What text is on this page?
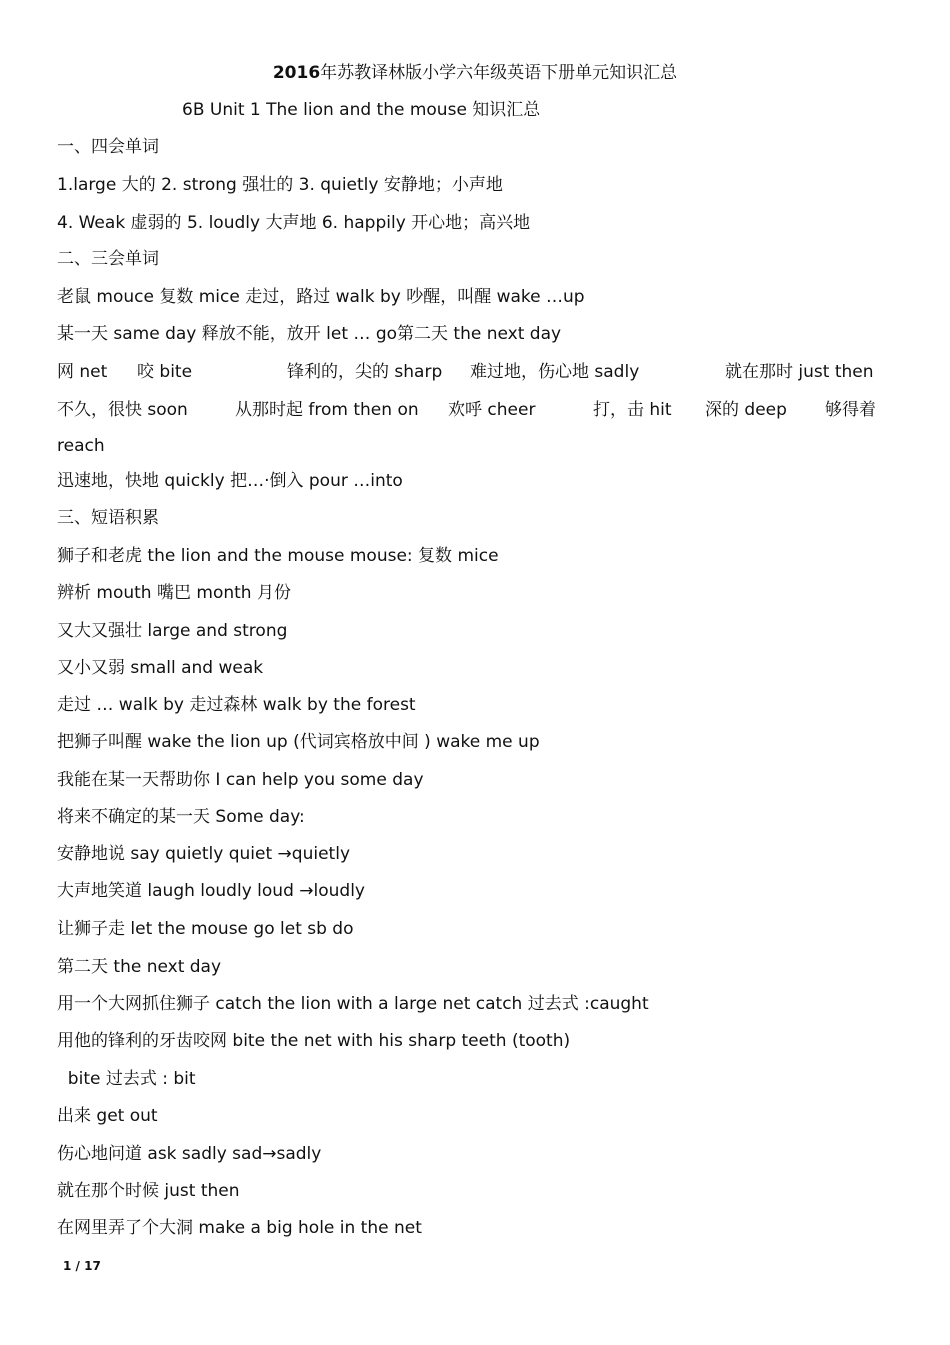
2016年苏教译林版小学六年级英语下册单元知识汇总
6B Unit 1 The lion and the mouse 知识汇总
一、四会单词
1.large 大的 2. strong 强壮的 3. quietly 安静地；小声地
4. Weak 虚弱的 5. loudly 大声地 6. happily 开心地；高兴地
二、三会单词
老鼠 mouce 复数 mice 走过，路过 walk by 吵醒，叫醒 wake …up
某一天 same day 释放不能，放开 let … go第二天 the next day
网 net 咬 bite	锋利的，尖的 sharp 难过地，伤心地 sadly	就在那时 just then
不久，很快 soon	从那时起 from then on 欢呼 cheer	打，击 hit 深的 deep 够得着
reach
迅速地，快地 quickly 把…·倒入 pour …into
三、短语积累
狮子和老虎 the lion and the mouse mouse: 复数 mice
辨析 mouth 嘴巴 month 月份
又大又强壮 large and strong
又小又弱 small and weak
走过 … walk by 走过森林 walk by the forest
把狮子叫醒 wake the lion up (代词宾格放中间 ) wake me up
我能在某一天帮助你 I can help you some day
将来不确定的某一天 Some day:
安静地说 say quietly quiet →quietly
大声地笑道 laugh loudly loud →loudly
让狮子走 let the mouse go let sb do
第二天 the next day
用一个大网抓住狮子 catch the lion with a large net catch 过去式 :caught
用他的锋利的牙齿咬网 bite the net with his sharp teeth (tooth)
bite 过去式 : bit
出来 get out
伤心地问道 ask sadly sad→sadly
就在那个时候 just then
在网里弄了个大洞 make a big hole in the net
1 / 17
